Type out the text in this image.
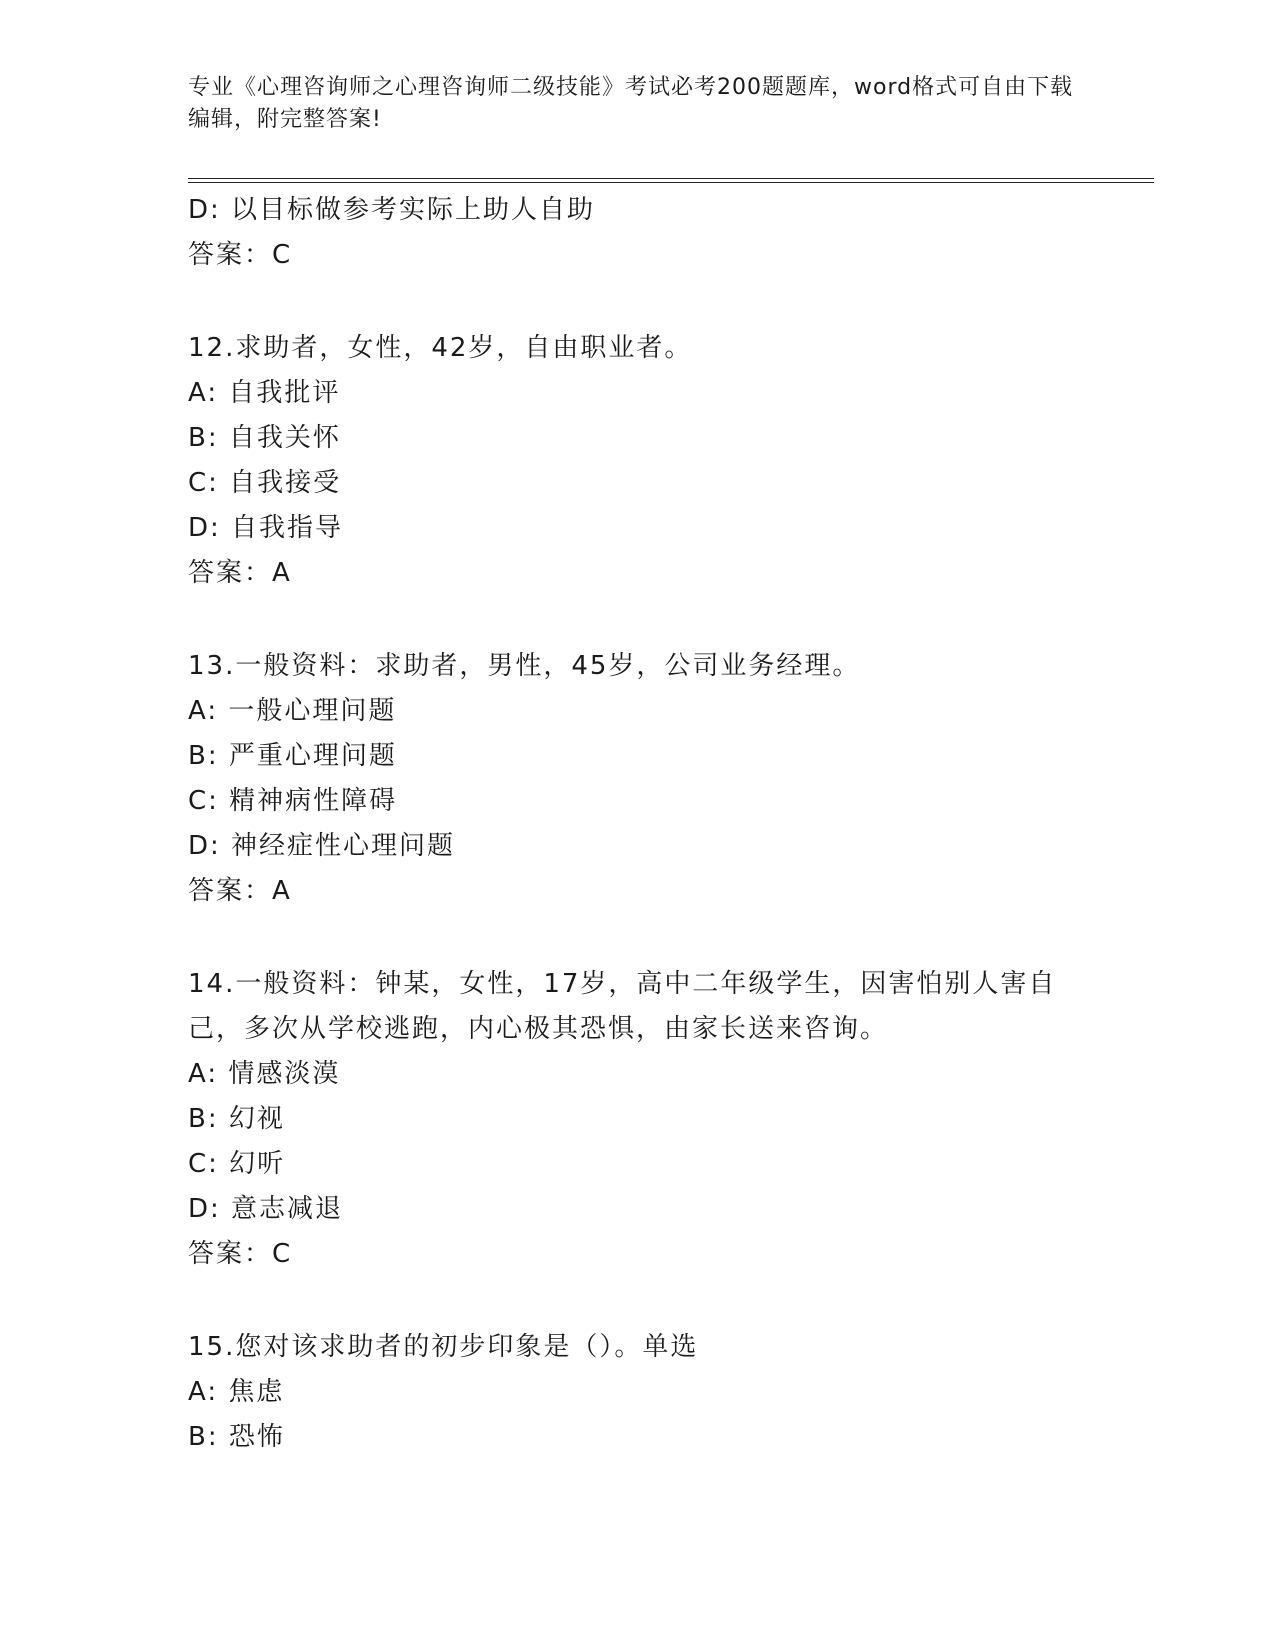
专业《心理咨询师之心理咨询师二级技能》考试必考200题题库，word格式可自由下载编辑，附完整答案!
D: 以目标做参考实际上助人自助
答案：C
12.求助者，女性，42岁，自由职业者。
A: 自我批评
B: 自我关怀
C: 自我接受
D: 自我指导
答案：A
13.一般资料：求助者，男性，45岁，公司业务经理。
A: 一般心理问题
B: 严重心理问题
C: 精神病性障碍
D: 神经症性心理问题
答案：A
14.一般资料：钟某，女性，17岁，高中二年级学生，因害怕别人害自己，多次从学校逃跑，内心极其恐惧，由家长送来咨询。
A: 情感淡漠
B: 幻视
C: 幻听
D: 意志减退
答案：C
15.您对该求助者的初步印象是（）。单选
A: 焦虑
B: 恐怖
